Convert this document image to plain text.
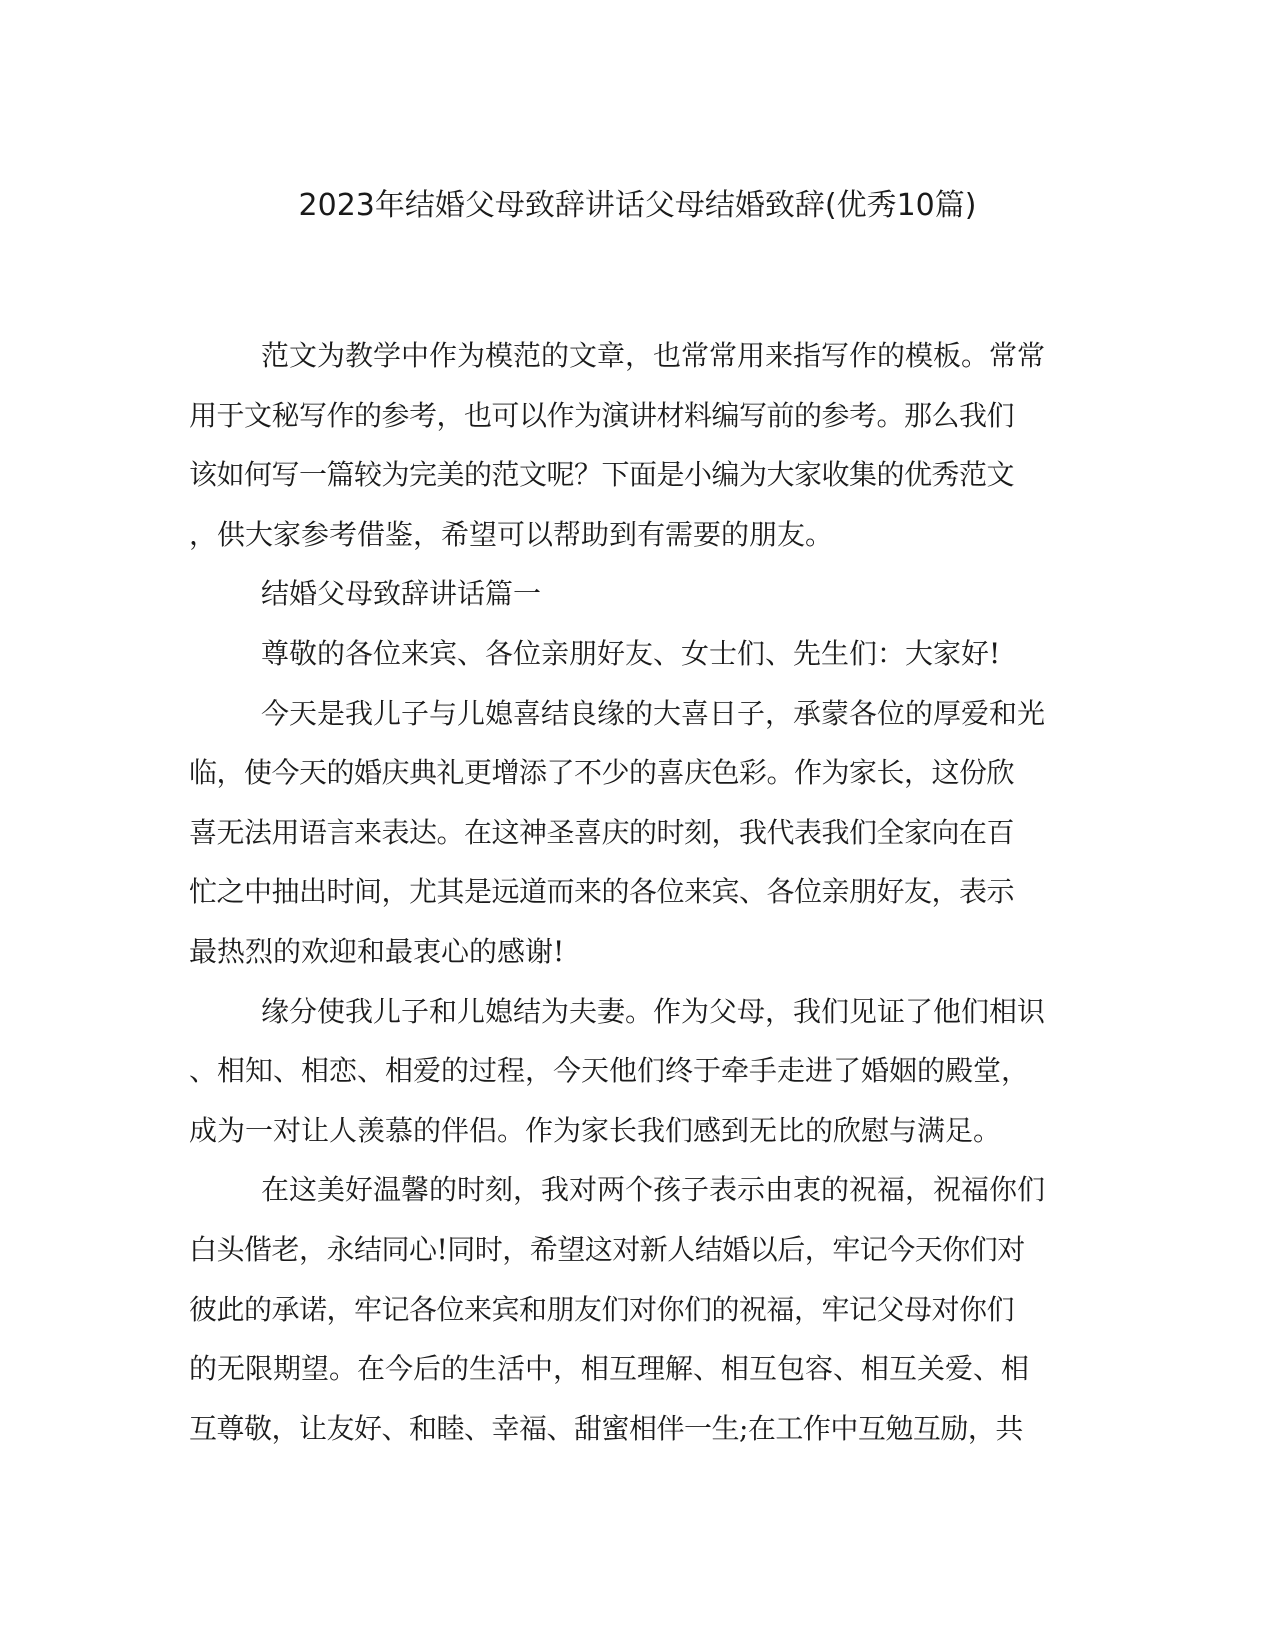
2023年结婚父母致辞讲话父母结婚致辞(优秀10篇)
范文为教学中作为模范的文章，也常常用来指写作的模板。常常
用于文秘写作的参考，也可以作为演讲材料编写前的参考。那么我们
该如何写一篇较为完美的范文呢？下面是小编为大家收集的优秀范文
，供大家参考借鉴，希望可以帮助到有需要的朋友。
结婚父母致辞讲话篇一
尊敬的各位来宾、各位亲朋好友、女士们、先生们：大家好!
今天是我儿子与儿媳喜结良缘的大喜日子，承蒙各位的厚爱和光
临，使今天的婚庆典礼更增添了不少的喜庆色彩。作为家长，这份欣
喜无法用语言来表达。在这神圣喜庆的时刻，我代表我们全家向在百
忙之中抽出时间，尤其是远道而来的各位来宾、各位亲朋好友，表示
最热烈的欢迎和最衷心的感谢!
缘分使我儿子和儿媳结为夫妻。作为父母，我们见证了他们相识
、相知、相恋、相爱的过程，今天他们终于牵手走进了婚姻的殿堂，
成为一对让人羡慕的伴侣。作为家长我们感到无比的欣慰与满足。
在这美好温馨的时刻，我对两个孩子表示由衷的祝福，祝福你们
白头偕老，永结同心!同时，希望这对新人结婚以后，牢记今天你们对
彼此的承诺，牢记各位来宾和朋友们对你们的祝福，牢记父母对你们
的无限期望。在今后的生活中，相互理解、相互包容、相互关爱、相
互尊敬，让友好、和睦、幸福、甜蜜相伴一生;在工作中互勉互励，共
